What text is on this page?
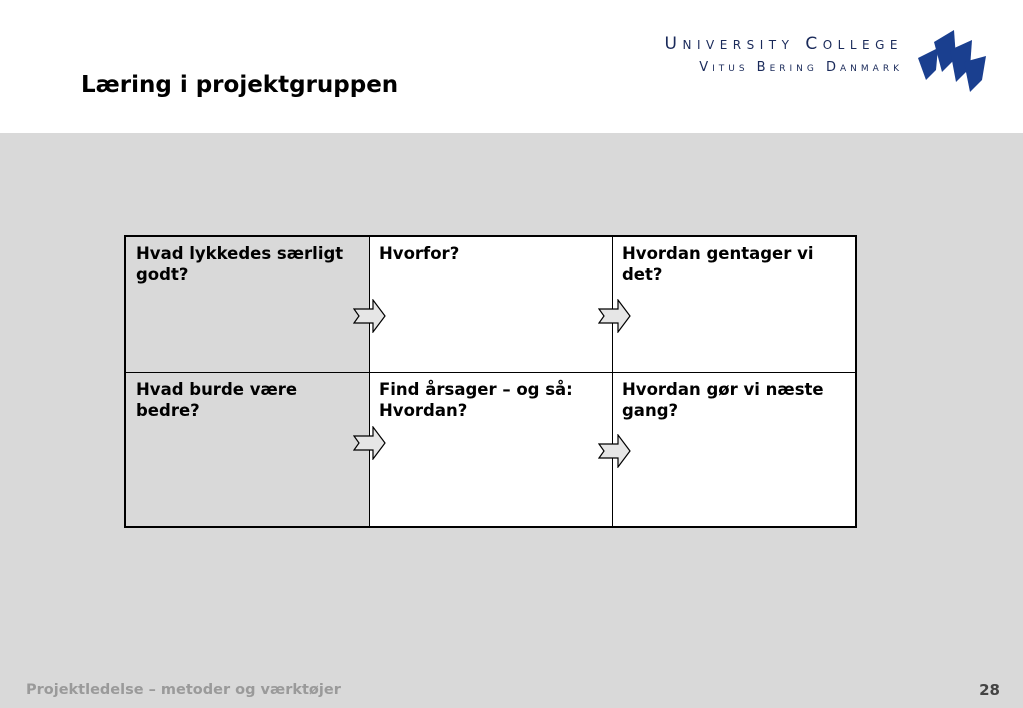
Læring i projektgruppen
University College
Vitus Bering Danmark
Hvad lykkedes særligt godt?
Hvorfor?	Hvordan gentager vi det?
Hvad burde være bedre?
Find årsager – og så: Hvordan?
Hvordan gør vi næste gang?
Projektledelse – metoder og værktøjer	28
